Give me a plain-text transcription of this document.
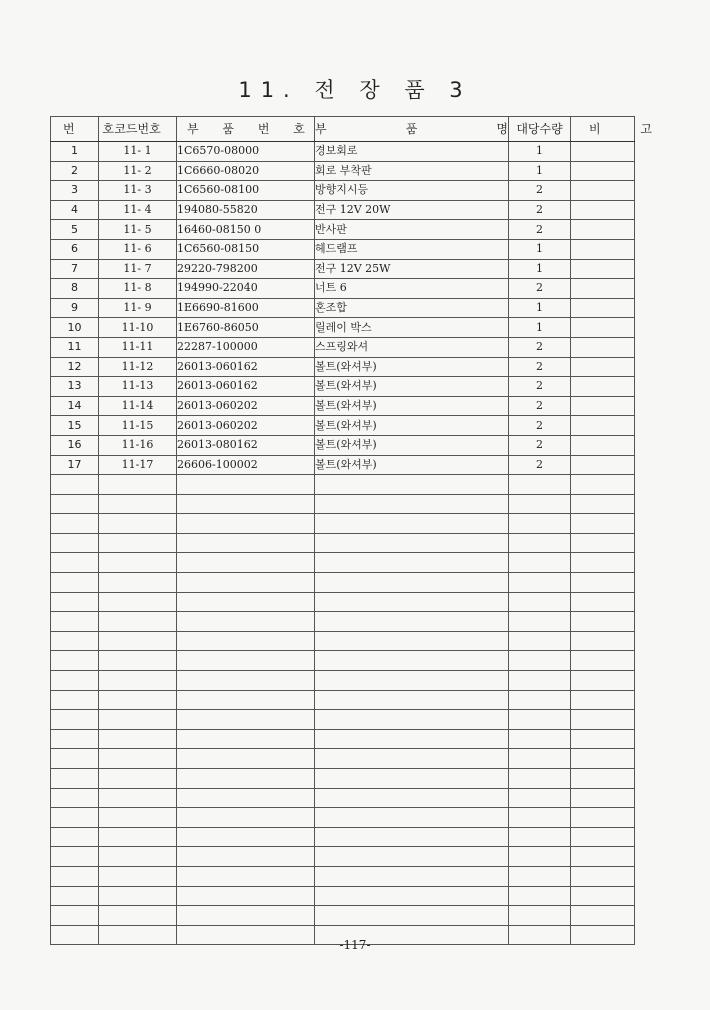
11. 전 장 품 3
번 호	코드번호	부 품 번 호	부 품 명	대당수량	비 고
1	11- 1	1C6570-08000	경보회로	1	
2	11- 2	1C6660-08020	회로 부착판	1	
3	11- 3	1C6560-08100	방향지시등	2	
4	11- 4	194080-55820	전구 12V 20W	2	
5	11- 5	16460-08150 0	반사판	2	
6	11- 6	1C6560-08150	헤드램프	1	
7	11- 7	29220-798200	전구 12V 25W	1	
8	11- 8	194990-22040	너트 6	2	
9	11- 9	1E6690-81600	혼조합	1	
10	11-10	1E6760-86050	릴레이 박스	1	
11	11-11	22287-100000	스프링와셔	2	
12	11-12	26013-060162	볼트(와셔부)	2	
13	11-13	26013-060162	볼트(와셔부)	2	
14	11-14	26013-060202	볼트(와셔부)	2	
15	11-15	26013-060202	볼트(와셔부)	2	
16	11-16	26013-080162	볼트(와셔부)	2	
17	11-17	26606-100002	볼트(와셔부)	2	

-117-
